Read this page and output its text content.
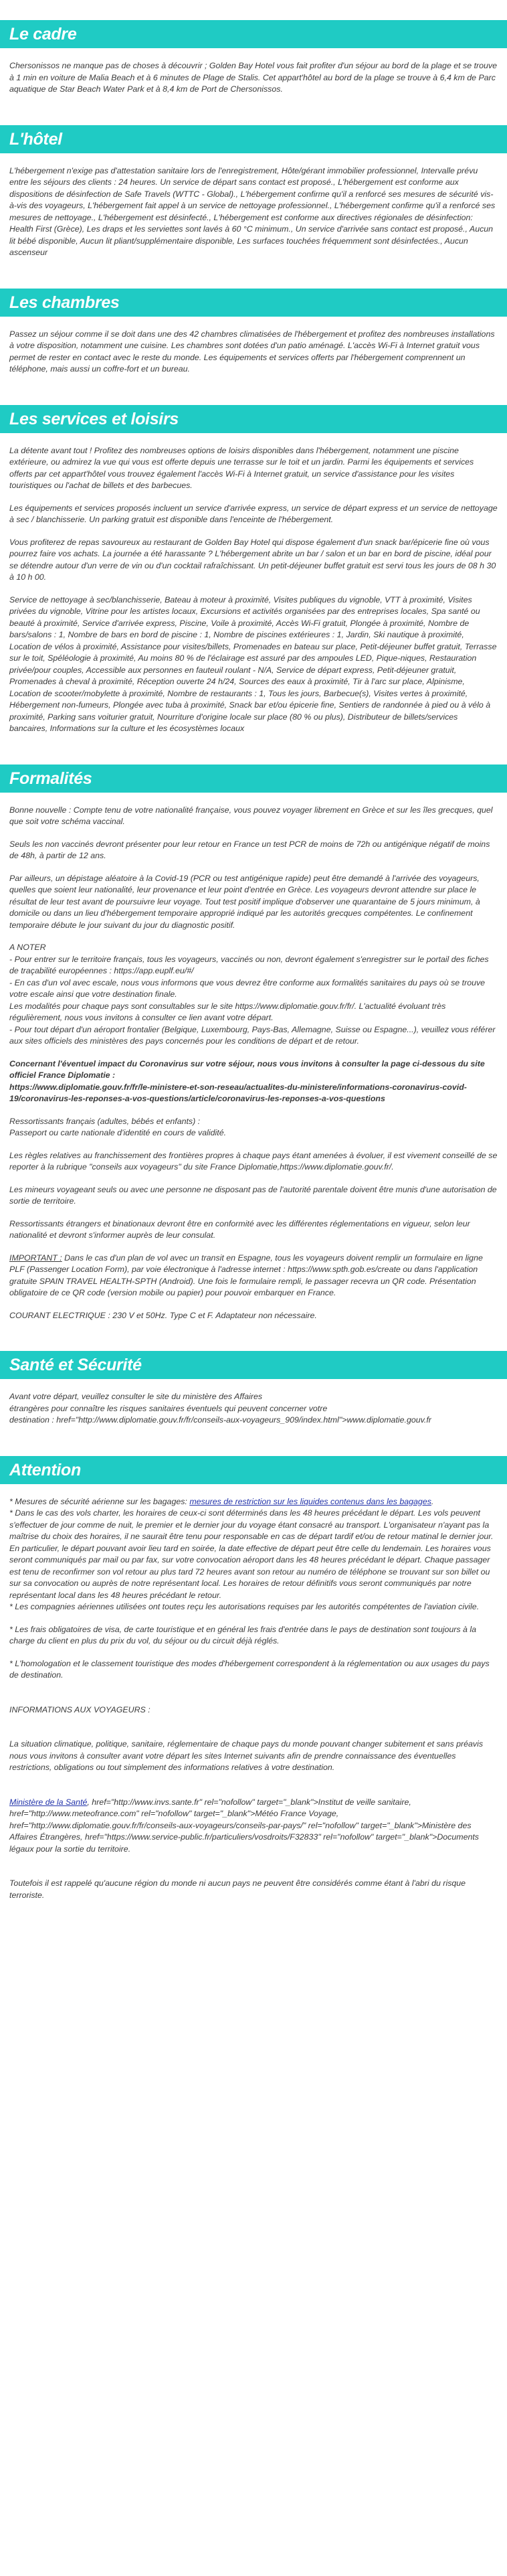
Le cadre

Chersonissos ne manque pas de choses à découvrir ; Golden Bay Hotel vous fait profiter d'un séjour au bord de la plage et se trouve à 1 min en voiture de Malia Beach et à 6 minutes de Plage de Stalis. Cet appart'hôtel au bord de la plage se trouve à 6,4 km de Parc aquatique de Star Beach Water Park et à 8,4 km de Port de Chersonissos.

L'hôtel

L'hébergement n'exige pas d'attestation sanitaire lors de l'enregistrement, Hôte/gérant immobilier professionnel, Intervalle prévu entre les séjours des clients : 24 heures. Un service de départ sans contact est proposé., L'hébergement est conforme aux dispositions de désinfection de Safe Travels (WTTC - Global)., L'hébergement confirme qu'il a renforcé ses mesures de sécurité vis-à-vis des voyageurs, L'hébergement fait appel à un service de nettoyage professionnel., L'hébergement confirme qu'il a renforcé ses mesures de nettoyage., L'hébergement est désinfecté., L'hébergement est conforme aux directives régionales de désinfection: Health First (Grèce), Les draps et les serviettes sont lavés à 60 °C minimum., Un service d'arrivée sans contact est proposé., Aucun lit bébé disponible, Aucun lit pliant/supplémentaire disponible, Les surfaces touchées fréquemment sont désinfectées., Aucun ascenseur

Les chambres

Passez un séjour comme il se doit dans une des 42 chambres climatisées de l'hébergement et profitez des nombreuses installations à votre disposition, notamment une cuisine. Les chambres sont dotées d'un patio aménagé. L'accès Wi-Fi à Internet gratuit vous permet de rester en contact avec le reste du monde. Les équipements et services offerts par l'hébergement comprennent un téléphone, mais aussi un coffre-fort et un bureau.

Les services et loisirs

La détente avant tout ! Profitez des nombreuses options de loisirs disponibles dans l'hébergement, notamment une piscine extérieure, ou admirez la vue qui vous est offerte depuis une terrasse sur le toit et un jardin. Parmi les équipements et services offerts par cet appart'hôtel vous trouvez également l'accès Wi-Fi à Internet gratuit, un service d'assistance pour les visites touristiques ou l'achat de billets et des barbecues.

Les équipements et services proposés incluent un service d'arrivée express, un service de départ express et un service de nettoyage à sec / blanchisserie. Un parking gratuit est disponible dans l'enceinte de l'hébergement.

Vous profiterez de repas savoureux au restaurant de Golden Bay Hotel qui dispose également d'un snack bar/épicerie fine où vous pourrez faire vos achats. La journée a été harassante ? L'hébergement abrite un bar / salon et un bar en bord de piscine, idéal pour se détendre autour d'un verre de vin ou d'un cocktail rafraîchissant. Un petit-déjeuner buffet gratuit est servi tous les jours de 08 h 30 à 10 h 00.

Service de nettoyage à sec/blanchisserie, Bateau à moteur à proximité, Visites publiques du vignoble, VTT à proximité, Visites privées du vignoble, Vitrine pour les artistes locaux, Excursions et activités organisées par des entreprises locales, Spa santé ou beauté à proximité, Service d'arrivée express, Piscine, Voile à proximité, Accès Wi-Fi gratuit, Plongée à proximité, Nombre de bars/salons : 1, Nombre de bars en bord de piscine : 1, Nombre de piscines extérieures : 1, Jardin, Ski nautique à proximité, Location de vélos à proximité, Assistance pour visites/billets, Promenades en bateau sur place, Petit-déjeuner buffet gratuit, Terrasse sur le toit, Spéléologie à proximité, Au moins 80 % de l'éclairage est assuré par des ampoules LED, Pique-niques, Restauration privée/pour couples, Accessible aux personnes en fauteuil roulant - N/A, Service de départ express, Petit-déjeuner gratuit, Promenades à cheval à proximité, Réception ouverte 24 h/24, Sources des eaux à proximité, Tir à l'arc sur place, Alpinisme, Location de scooter/mobylette à proximité, Nombre de restaurants : 1, Tous les jours, Barbecue(s), Visites vertes à proximité, Hébergement non-fumeurs, Plongée avec tuba à proximité, Snack bar et/ou épicerie fine, Sentiers de randonnée à pied ou à vélo à proximité, Parking sans voiturier gratuit, Nourriture d'origine locale sur place (80 % ou plus), Distributeur de billets/services bancaires, Informations sur la culture et les écosystèmes locaux

Formalités

Bonne nouvelle : Compte tenu de votre nationalité française, vous pouvez voyager librement en Grèce et sur les îles grecques, quel que soit votre schéma vaccinal.

Seuls les non vaccinés devront présenter pour leur retour en France un test PCR de moins de 72h ou antigénique négatif de moins de 48h, à partir de 12 ans.

Par ailleurs, un dépistage aléatoire à la Covid-19 (PCR ou test antigénique rapide) peut être demandé à l'arrivée des voyageurs, quelles que soient leur nationalité, leur provenance et leur point d'entrée en Grèce. Les voyageurs devront attendre sur place le résultat de leur test avant de poursuivre leur voyage. Tout test positif implique d'observer une quarantaine de 5 jours minimum, à domicile ou dans un lieu d'hébergement temporaire approprié indiqué par les autorités grecques compétentes. Le confinement temporaire débute le jour suivant du jour du diagnostic positif.

A NOTER
- Pour entrer sur le territoire français, tous les voyageurs, vaccinés ou non, devront également s'enregistrer sur le portail des fiches de traçabilité européennes : https://app.euplf.eu/#/
- En cas d'un vol avec escale, nous vous informons que vous devrez être conforme aux formalités sanitaires du pays où se trouve votre escale ainsi que votre destination finale.
Les modalités pour chaque pays sont consultables sur le site https://www.diplomatie.gouv.fr/fr/. L'actualité évoluant très régulièrement, nous vous invitons à consulter ce lien avant votre départ.
- Pour tout départ d'un aéroport frontalier (Belgique, Luxembourg, Pays-Bas, Allemagne, Suisse ou Espagne...), veuillez vous référer aux sites officiels des ministères des pays concernés pour les conditions de départ et de retour.

Concernant l'éventuel impact du Coronavirus sur votre séjour, nous vous invitons à consulter la page ci-dessous du site officiel France Diplomatie :
https://www.diplomatie.gouv.fr/fr/le-ministere-et-son-reseau/actualites-du-ministere/informations-coronavirus-covid-19/coronavirus-les-reponses-a-vos-questions/article/coronavirus-les-reponses-a-vos-questions

Ressortissants français (adultes, bébés et enfants) :
Passeport ou carte nationale d'identité en cours de validité.

Les règles relatives au franchissement des frontières propres à chaque pays étant amenées à évoluer, il est vivement conseillé de se reporter à la rubrique "conseils aux voyageurs" du site France Diplomatie,https://www.diplomatie.gouv.fr/.

Les mineurs voyageant seuls ou avec une personne ne disposant pas de l'autorité parentale doivent être munis d'une autorisation de sortie de territoire.

Ressortissants étrangers et binationaux devront être en conformité avec les différentes réglementations en vigueur, selon leur nationalité et devront s'informer auprès de leur consulat.

IMPORTANT : Dans le cas d'un plan de vol avec un transit en Espagne, tous les voyageurs doivent remplir un formulaire en ligne PLF (Passenger Location Form), par voie électronique à l'adresse internet : https://www.spth.gob.es/create ou dans l'application gratuite SPAIN TRAVEL HEALTH-SPTH (Android). Une fois le formulaire rempli, le passager recevra un QR code. Présentation obligatoire de ce QR code (version mobile ou papier) pour pouvoir embarquer en France.

COURANT ELECTRIQUE : 230 V et 50Hz. Type C et F. Adaptateur non nécessaire.

Santé et Sécurité

Avant votre départ, veuillez consulter le site du ministère des Affaires
étrangères pour connaître les risques sanitaires éventuels qui peuvent concerner votre
destination : href="http://www.diplomatie.gouv.fr/fr/conseils-aux-voyageurs_909/index.html">www.diplomatie.gouv.fr

Attention

* Mesures de sécurité aérienne sur les bagages: mesures de restriction sur les liquides contenus dans les bagages.
* Dans le cas des vols charter, les horaires de ceux-ci sont déterminés dans les 48 heures précédant le départ. Les vols peuvent s'effectuer de jour comme de nuit, le premier et le dernier jour du voyage étant consacré au transport. L'organisateur n'ayant pas la maîtrise du choix des horaires, il ne saurait être tenu pour responsable en cas de départ tardif et/ou de retour matinal le dernier jour. En particulier, le départ pouvant avoir lieu tard en soirée, la date effective de départ peut être celle du lendemain. Les horaires vous seront communiqués par mail ou par fax, sur votre convocation aéroport dans les 48 heures précédant le départ. Chaque passager est tenu de reconfirmer son vol retour au plus tard 72 heures avant son retour au numéro de téléphone se trouvant sur son billet ou sur sa convocation ou auprès de notre représentant local. Les horaires de retour définitifs vous seront communiqués par notre représentant local dans les 48 heures précédant le retour.
* Les compagnies aériennes utilisées ont toutes reçu les autorisations requises par les autorités compétentes de l'aviation civile.

* Les frais obligatoires de visa, de carte touristique et en général les frais d'entrée dans le pays de destination sont toujours à la charge du client en plus du prix du vol, du séjour ou du circuit déjà réglés.

* L'homologation et le classement touristique des modes d'hébergement correspondent à la réglementation ou aux usages du pays de destination.

INFORMATIONS AUX VOYAGEURS :

La situation climatique, politique, sanitaire, réglementaire de chaque pays du monde pouvant changer subitement et sans préavis
nous vous invitons à consulter avant votre départ les sites Internet suivants afin de prendre connaissance des éventuelles restrictions, obligations ou tout simplement des informations relatives à votre destination.

Ministère de la Santé, href="http://www.invs.sante.fr" rel="nofollow" target="_blank">Institut de veille sanitaire, href="http://www.meteofrance.com" rel="nofollow" target="_blank">Météo France Voyage, href="http://www.diplomatie.gouv.fr/fr/conseils-aux-voyageurs/conseils-par-pays/" rel="nofollow" target="_blank">Ministère des Affaires Étrangères, href="https://www.service-public.fr/particuliers/vosdroits/F32833" rel="nofollow" target="_blank">Documents légaux pour la sortie du territoire.

Toutefois il est rappelé qu'aucune région du monde ni aucun pays ne peuvent être considérés comme étant à l'abri du risque terroriste.
